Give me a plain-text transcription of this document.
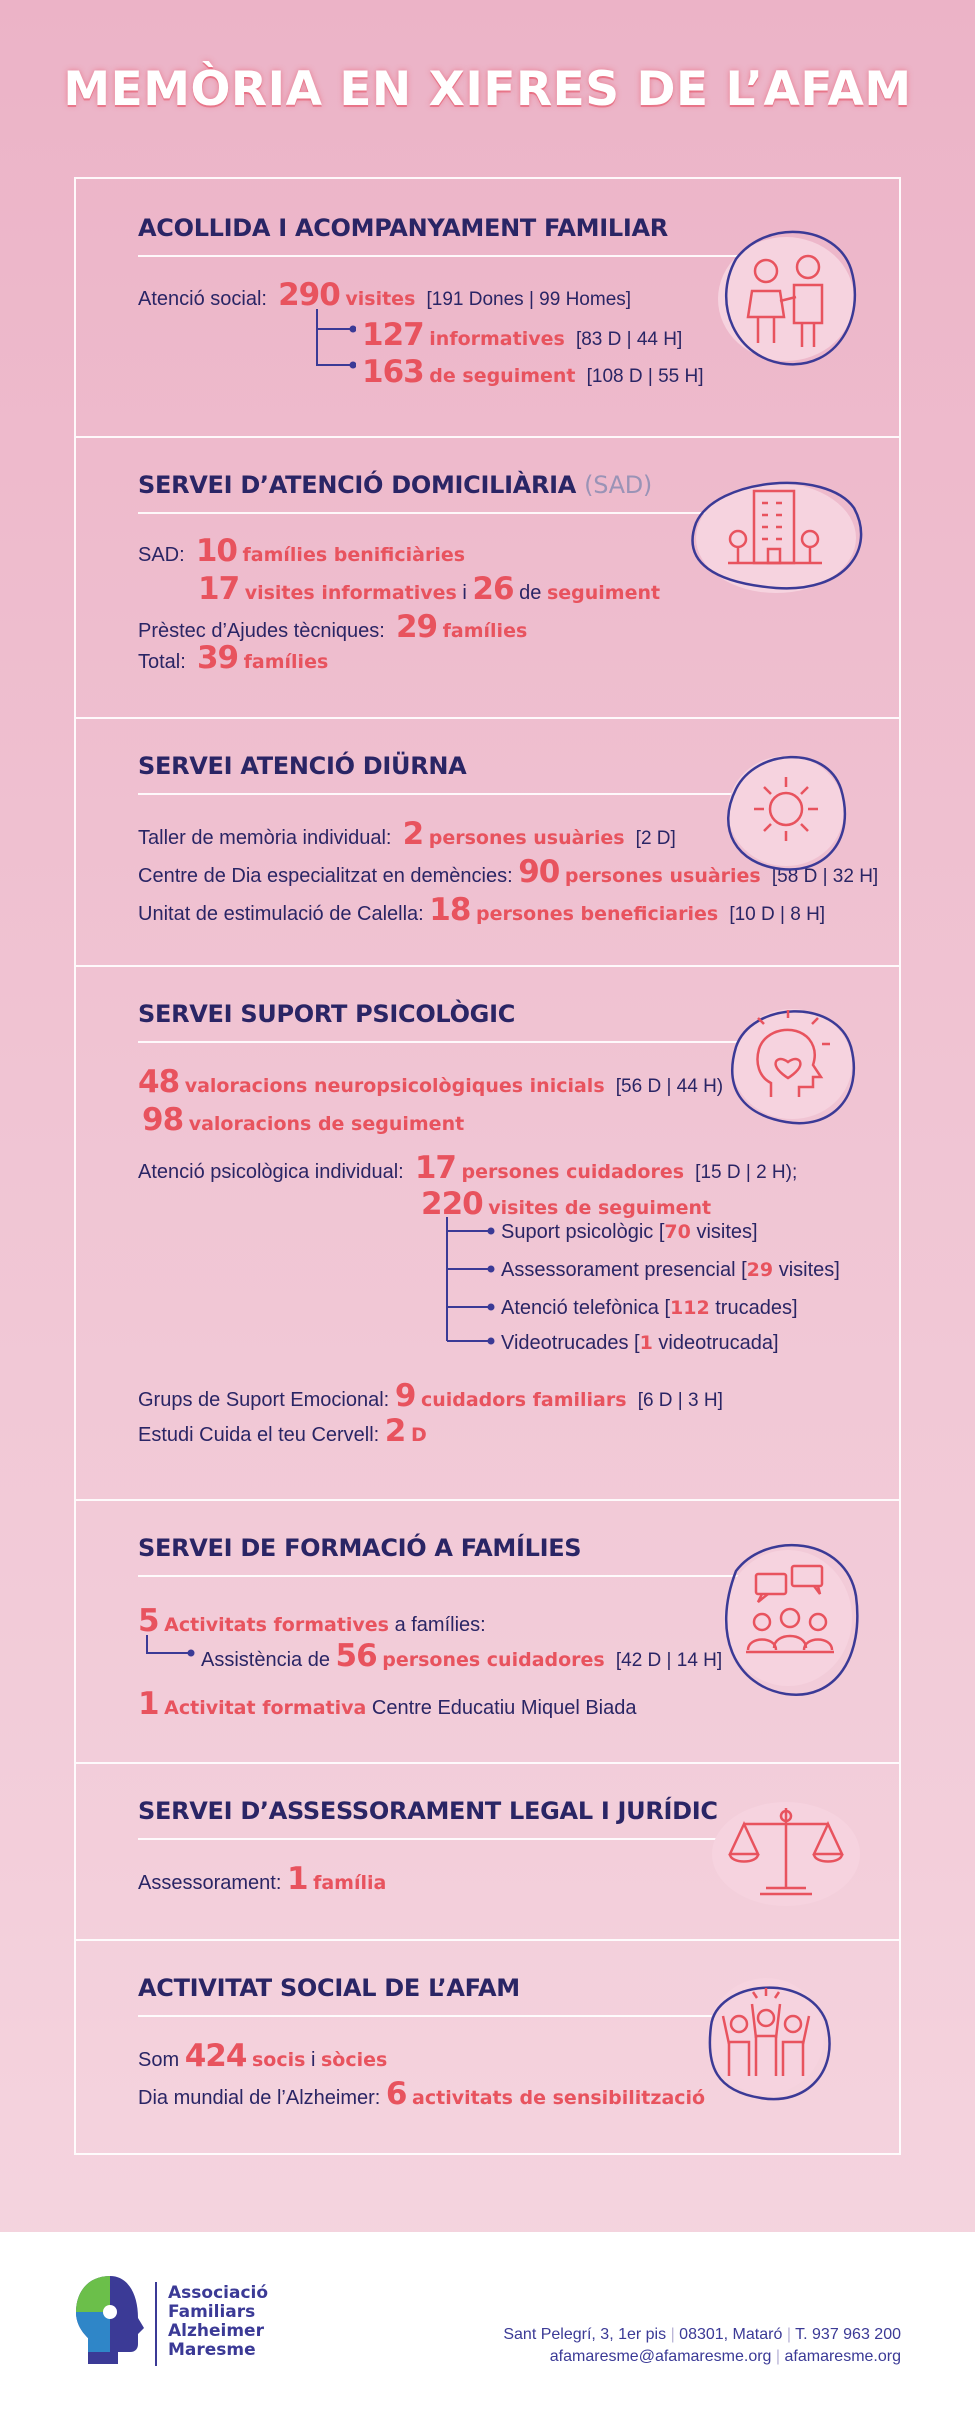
MEMÒRIA EN XIFRES DE L’AFAM
ACOLLIDA I ACOMPANYAMENT FAMILIAR
Atenció social: 290 visites [191 Dones | 99 Homes]
127 informatives [83 D | 44 H]
163 de seguiment [108 D | 55 H]
SERVEI D’ATENCIÓ DOMICILIÀRIA (SAD)
SAD: 10 famílies benificiàries
17 visites informatives i 26 de seguiment
Prèstec d’Ajudes tècniques: 29 famílies
Total: 39 famílies
SERVEI ATENCIÓ DIÜRNA
Taller de memòria individual: 2 persones usuàries [2 D]
Centre de Dia especialitzat en demències: 90 persones usuàries [58 D | 32 H]
Unitat de estimulació de Calella: 18 persones beneficiaries [10 D | 8 H]
SERVEI SUPORT PSICOLÒGIC
48 valoracions neuropsicològiques inicials [56 D | 44 H)
98 valoracions de seguiment
Atenció psicològica individual: 17 persones cuidadores [15 D | 2 H);
220 visites de seguiment
Suport psicològic [70 visites]
Assessorament presencial [29 visites]
Atenció telefònica [112 trucades]
Videotrucades [1 videotrucada]
Grups de Suport Emocional: 9 cuidadors familiars [6 D | 3 H]
Estudi Cuida el teu Cervell: 2 D
SERVEI DE FORMACIÓ A FAMÍLIES
5 Activitats formatives a famílies:
Assistència de 56 persones cuidadores [42 D | 14 H]
1 Activitat formativa Centre Educatiu Miquel Biada
SERVEI D’ASSESSORAMENT LEGAL I JURÍDIC
Assessorament: 1 família
ACTIVITAT SOCIAL DE L’AFAM
Som 424 socis i sòcies
Dia mundial de l’Alzheimer: 6 activitats de sensibilització
Associació
Familiars
Alzheimer
Maresme
Sant Pelegrí, 3, 1er pis | 08301, Mataró | T. 937 963 200
afamaresme@afamaresme.org | afamaresme.org
